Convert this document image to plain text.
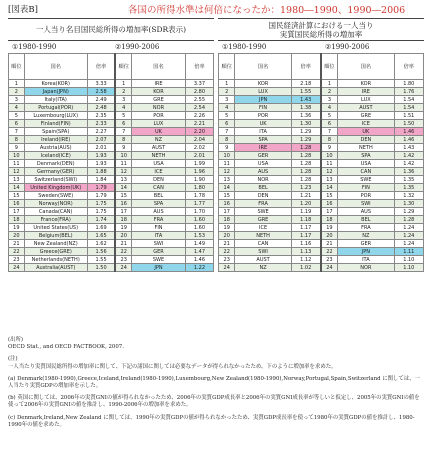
[図表B]	各国の所得水準は何倍になったか：1980―1990、1990―2006
一人当り名目国民総所得の増加率(SDR表示)
①1980-1990	②1990-2006
順位	国名	倍率	順位	国名	倍率
1	Korea(KOR)	3.33	1	IRE	3.37
2	Japan(JPN)	2.58	2	KOR	2.80
3	Italy(ITA)	2.49	3	GRE	2.55
4	Portugal(POR)	2.48	4	NOR	2.54
5	Luxembourg(LUX)	2.35	5	POR	2.26
6	Finland(FIN)	2.33	6	LUX	2.21
7	Spain(SPA)	2.27	7	UK	2.20
8	Ireland(IRE)	2.07	8	NZ	2.04
9	Austria(AUS)	2.01	9	AUST	2.02
10	Iceland(ICE)	1.93	10	NETH	2.01
11	Denmark(DEN)	1.93	11	USA	1.99
12	Germany(GER)	1.88	12	ICE	1.96
13	Switzerland(SWI)	1.84	13	DEN	1.90
14	United Kingdom(UK)	1.79	14	CAN	1.80
15	Sweden(SWE)	1.79	15	BEL	1.78
16	Norway(NOR)	1.75	16	SPA	1.77
17	Canada(CAN)	1.75	17	AUS	1.70
18	France(FRA)	1.74	18	FRA	1.60
19	United States(US)	1.69	19	FIN	1.60
20	Belgium(BEL)	1.65	20	ITA	1.53
21	New Zealand(NZ)	1.62	21	SWI	1.49
22	Greece(GRE)	1.56	22	GER	1.47
23	Netherlands(NETH)	1.55	23	SWE	1.46
24	Australia(AUST)	1.50	24	JPN	1.22
国民経済計算における一人当り
実質国民総所得の増加率
①1980-1990	②1990-2006
順位	国名	倍率	順位	国名	倍率
1	KOR	2.18	1	KOR	1.80
2	LUX	1.55	2	IRE	1.76
3	JPN	1.43	3	LUX	1.54
4	FIN	1.38	4	AUST	1.54
5	POR	1.36	5	GRE	1.51
6	UK	1.30	6	ICE	1.50
7	ITA	1.29	7	UK	1.46
8	SPA	1.29	8	DEN	1.46
9	IRE	1.28	9	NETH	1.43
10	GER	1.28	10	SPA	1.42
11	USA	1.28	11	USA	1.42
12	AUS	1.28	12	CAN	1.36
13	NOR	1.28	13	SWE	1.35
14	BEL	1.23	14	FIN	1.35
15	DEN	1.21	15	POR	1.32
16	FRA	1.20	16	SWI	1.30
17	SWE	1.19	17	AUS	1.29
18	GRE	1.18	18	BEL	1.28
19	ICE	1.17	19	FRA	1.24
20	NETH	1.17	20	NZ	1.24
21	CAN	1.16	21	GER	1.24
22	SWI	1.13	22	JPN	1.11
23	AUST	1.12	23	ITA	1.10
24	NZ	1.02	24	NOR	1.10

(出所)

OECD Stat., and OECD FACTBOOK, 2007.

(注)

一人当たり実質国民総所得の増加率に関して、下記の諸国に関しては必要なデータが得られなかったため、下のように増加率を求めた。

(a) Denmark(1980-1990),Greece,Iceland,Ireland(1980-1990),Luxembourg,New Zealand(1980-1990),Norway,Portugal,Spain,Switzerland に関しては、一人当たり実質GDPの増加率を示した。

(b) 英国に関しては、2006年の実質GNIの値が得られなかったため、2006年の実質GDP成長率と2006年の実質GNI成長率が等しいと仮定し、2005年の実質GNIの値を使って2006年の実質GNIの値を推計し、1990-2006年の増加率を求めた。

(c) Denmark,Ireland,New Zealand に関しては、1990年の実質GDPの値が得られなかったため、実質GDP成長率を使って1980年の実質GDPの値を推計し、1980-1990年の値を求めた。
